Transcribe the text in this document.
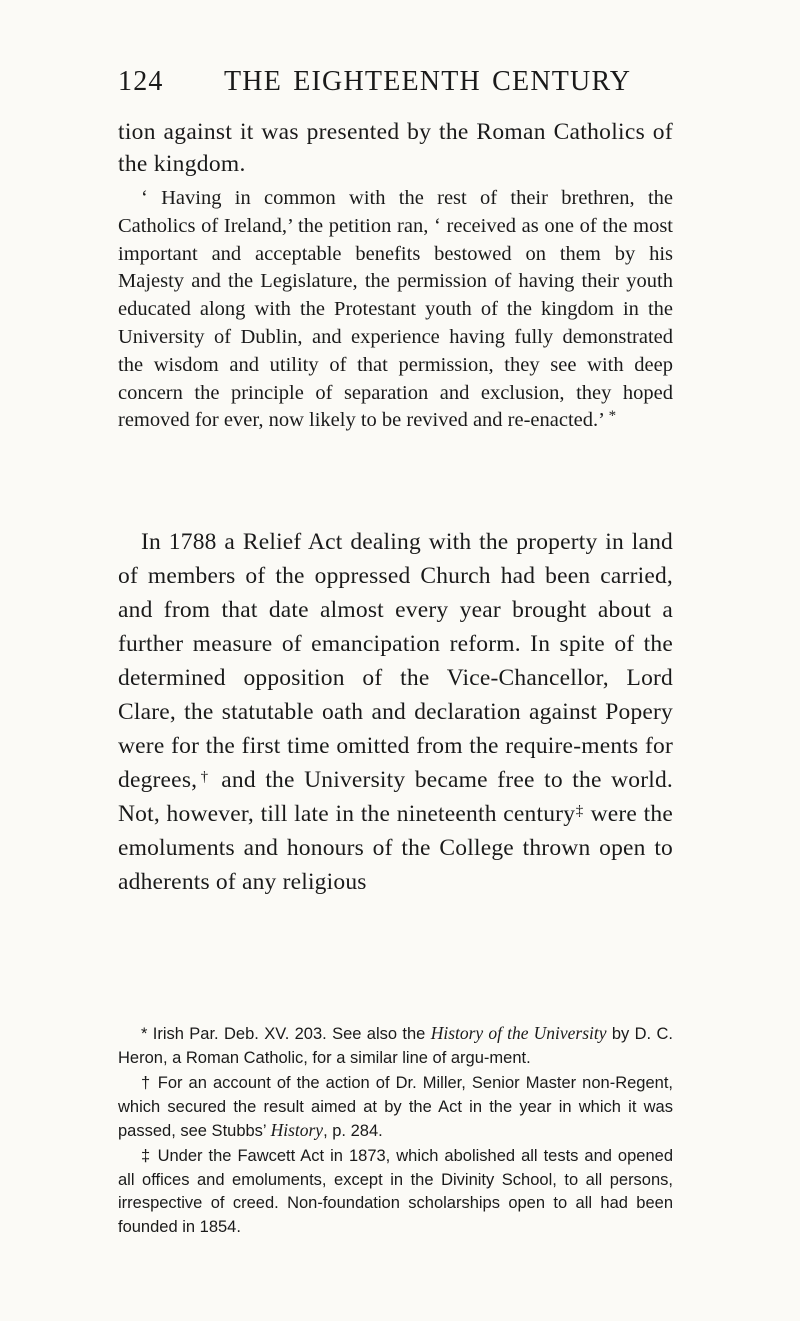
124 THE EIGHTEENTH CENTURY

tion against it was presented by the Roman Catholics of the kingdom.

‘ Having in common with the rest of their brethren, the Catholics of Ireland,’ the petition ran, ‘ received as one of the most important and acceptable benefits bestowed on them by his Majesty and the Legislature, the permission of having their youth educated along with the Protestant youth of the kingdom in the University of Dublin, and experience having fully demonstrated the wisdom and utility of that permission, they see with deep concern the principle of separation and exclusion, they hoped removed for ever, now likely to be revived and re-enacted.’ *

In 1788 a Relief Act dealing with the property in land of members of the oppressed Church had been carried, and from that date almost every year brought about a further measure of emancipation reform. In spite of the determined opposition of the Vice-Chancellor, Lord Clare, the statutable oath and declaration against Popery were for the first time omitted from the require-ments for degrees,† and the University became free to the world. Not, however, till late in the nineteenth century‡ were the emoluments and honours of the College thrown open to adherents of any religious

* Irish Par. Deb. XV. 203. See also the History of the University by D. C. Heron, a Roman Catholic, for a similar line of argu-ment.

† For an account of the action of Dr. Miller, Senior Master non-Regent, which secured the result aimed at by the Act in the year in which it was passed, see Stubbs’ History, p. 284.

‡ Under the Fawcett Act in 1873, which abolished all tests and opened all offices and emoluments, except in the Divinity School, to all persons, irrespective of creed. Non-foundation scholarships open to all had been founded in 1854.
